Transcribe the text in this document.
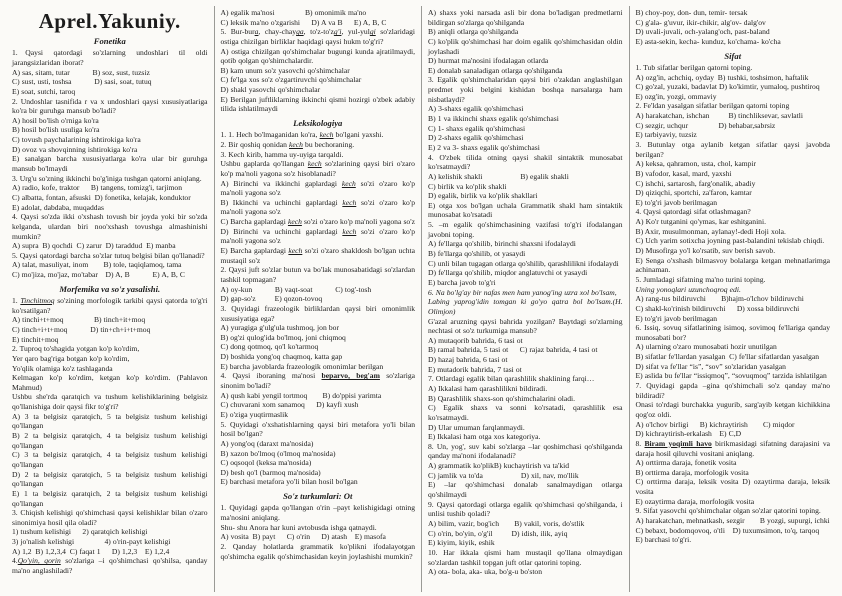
Aprel.Yakuniy.
Fonetika
1. Qaysi qatordagi so'zlarning undoshlari til oldi jarangsizlaridan iborat?
A) sas, sitam, tutar   B) soz, sust, tuzsiz
C) sust, usti, toshsa   D) sasi, soat, tutuq
E) soat, sutchi, taroq
2. Undoshlar tasnifida r va x undoshlari qaysi xususiyatlariga ko'ra bir guruhga mansub bo'ladi?
A) hosil bo'lish o'rniga ko'ra
B) hosil bo'lish usuliga ko'ra
C) tovush paychalarining ishtirokiga ko'ra
D) ovoz va shovqinning ishtirokiga ko'ra
E) sanalgan barcha xususiyatlarga ko'ra ular bir guruhga mansub bo'lmaydi
3. Urg'u so'zning ikkinchi bo'g'iniga tushgan qatorni aniqlang.
A) radio, kofe, traktor  B) tangens, tomizg'i, tarjimon
C) albatta, fontan, afsuski D) fonetika, kelajak, konduktor
E) adolat, dabdaba, muqaddas
4. Qaysi so'zda ikki o'xshash tovush bir joyda yoki bir so'zda kelganda, ulardan biri noo'xshash tovushga almashinishi mumkin?
A) supra B) qochdi C) zarur D) taraddud E) manba
5. Qaysi qatordagi barcha so'zlar tutuq belgisi bilan qo'llanadi?
A) talat, masuliyat, inom  B) tole, taqiqlamoq, tama
C) mo'jiza, mo'jaz, mo'tabar D) A, B   E) A, B, C
Morfemika va so'z yasalishi.
1. Tinchitmoq so'zining morfologik tarkibi qaysi qatorda to'g'ri ko'rsatilgan?
A) tinchi+t+moq    B) tinch+it+moq
C) tinch+i+t+moq   D) tin+ch+i+t+moq
E) tinchit+moq
2. Tuproq to'shagida yotgan ko'p ko'rdim,
Yer qaro bag'riga botgan ko'p ko'rdim,
Yo'qlik olamiga ko'z tashlaganda
Kelmagan ko'p ko'rdim, ketgan ko'p ko'rdim. (Pahlavon Mahmud)
Ushbu she'rda qaratqich va tushum kelishiklarining belgisiz qo'llanishiga doir qaysi fikr to'g'ri?
A) 3 ta belgisiz qaratqich, 5 ta belgisiz tushum kelishigi qo'llangan
B) 2 ta belgisiz qaratqich, 4 ta belgisiz tushum kelishigi qo'llangan
C) 3 ta belgisiz qaratqich, 4 ta belgisiz tushum kelishigi qo'llangan
D) 2 ta belgisiz qaratqich, 5 ta belgisiz tushum kelishigi qo'llangan
E) 1 ta belgisiz qaratqich, 2 ta belgisiz tushum kelishigi qo'llangan
3. Chiqish kelishigi qo'shimchasi qaysi kelishiklar bilan o'zaro sinonimiya hosil qila oladi?
1) tushum kelishigi  2) qaratqich kelishigi
3) jo'nalish kelishigi    4) o'rin-payt kelishigi
A) 1,2 B) 1,2,3,4 C) faqat 1  D) 1,2,3 E) 1,2,4
4.Qo'yin, qorin so'zlariga –i qo'shimchasi qo'shilsa, qanday ma'no anglashiladi?
A) egalik ma'nosi    B) omonimik ma'no
C) leksik ma'no o'zgarishi  D) A va B  E) A, B, C
5. Bur-bura, chay-chayga, to'z-to'zg'i, yul-yulgi so'zlaridagi ostiga chizilgan birliklar haqidagi qaysi hukm to'g'ri?
A) ostiga chizilgan qo'shimchalar bugungi kunda ajratilmaydi, qotib qolgan qo'shimchalardir.
B) kam unum so'z yasovchi qo'shimchalar
C) fe'lga xos so'z o'zgartiruvchi qo'shimchalar
D) shakl yasovchi qo'shimchalar
E) Berilgan juftliklarning ikkinchi qismi hozirgi o'zbek adabiy tilida ishlatilmaydi
Leksikologiya
1. 1. Hech bo'lmaganidan ko'ra, kech bo'lgani yaxshi.
2. Bir qoshiq qonidan kech bu bechoraning.
3. Kech kirib, hamma uy-uyiga tarqaldi.
Ushbu gaplarda qo'llangan kech so'zlarining qaysi biri o'zaro ko'p ma'noli yagona so'z hisoblanadi?
A) Birinchi va ikkinchi gaplardagi kech so'zi o'zaro ko'p ma'noli yagona so'z
B) Ikkinchi va uchinchi gaplardagi kech so'zi o'zaro ko'p ma'noli yagona so'z
C) Barcha gaplardagi kech so'zi o'zaro ko'p ma'noli yagona so'z
D) Birinchi va uchinchi gaplardagi kech so'zi o'zaro ko'p ma'noli yagona so'z
E) Barcha gaplardagi kech so'zi o'zaro shakldosh bo'lgan uchta mustaqil so'z
2. Qaysi juft so'zlar butun va bo'lak munosabatidagi so'zlardan tashkil topmagan?
A) oy-kun   B) vaqt-soat   C) tog'-tosh
D) gap-so'z   E) qozon-tovoq
3. Quyidagi frazeologik birliklardan qaysi biri omonimlik xususiyatiga ega?
A) yuragiga g'ulg'ula tushmoq, jon bor
B) og'zi qulog'ida bo'lmoq, joni chiqmoq
C) dong qotmoq, qo'l ko'tarmoq
D) boshida yong'oq chaqmoq, katta gap
E) barcha javoblarda frazeologik omonimlar berilgan
4. Qaysi iboraning ma'nosi beparvo, beg'am so'zlariga sinonim bo'ladi?
A) qush kabi yengil tortmoq  B) do'ppisi yarimta
C) chuvarani xom sanamoq  D) kayfi xush
E) o'ziga yuqtirmaslik
5. Quyidagi o'xshatishlarning qaysi biri metafora yo'li bilan hosil bo'lgan?
A) yong'oq (daraxt ma'nosida)
B) xazon bo'lmoq (o'lmoq ma'nosida)
C) oqsoqol (keksa ma'nosida)
D) besh qo'l (barmoq ma'nosida)
E) barchasi metafora yo'li bilan hosil bo'lgan
So'z turkumlari: Ot
1. Quyidagi gapda qo'llangan o'rin –payt kelishigidagi otning ma'nosini aniqlang.
Shu- shu Anora har kuni avtobusda ishga qatnaydi.
A) vosita B) payt  C) o'rin  D) atash E) masofa
2. Qanday holatlarda grammatik ko'plikni ifodalayotgan qo'shimcha egalik qo'shimchasidan keyin joylashishi mumkin?
A) shaxs yoki narsada asli bir dona bo'ladigan predmetlarni bildirgan so'zlarga qo'shilganda
B) aniqli otlarga qo'shilganda
C) ko'plik qo'shimchasi har doim egalik qo'shimchasidan oldin joylashadi
D) hurmat ma'nosini ifodalagan otlarda
E) donalab sanaladigan otlarga qo'shilganda
3. Egalik qo'shimchalaridan qaysi biri o'zakdan anglashilgan predmet yoki belgini kishidan boshqa narsalarga ham nisbatlaydi?
A) 3-shaxs egalik qo'shimchasi
B) 1 va ikkinchi shaxs egalik qo'shimchasi
C) 1- shaxs egalik qo'shimchasi
D) 2-shaxs egalik qo'shimchasi
E) 2 va 3- shaxs egalik qo'shimchasi
4. O'zbek tilida otning qaysi shakil sintaktik munosabat ko'rsatmaydi?
A) kelishik shakli     B) egalik shakli
C) birlik va ko'plik shakli
D) egalik, birlik va ko'plik shakllari
E) otga xos bo'lgan uchala Grammatik shakl ham sintaktik munosabat ko'rsatadi
5. –m egalik qo'shimchasining vazifasi to'g'ri ifodalangan javobni toping.
A) fe'llarga qo'shilib, birinchi shaxsni ifodalaydi
B) fe'llarga qo'shilib, ot yasaydi
C) unli bilan tugagan otlarga qo'shilib, qarashlilikni ifodalaydi
D) fe'llarga qo'shilib, miqdor anglatuvchi ot yasaydi
E) barcha javob to'g'ri
6. Na bo'lg'ay bir nafas men ham yanog'ing uzra xol bo'lsam,
Labing yaprog'idin tomgan ki go'yo qatra bol bo'lsam.(H. Olimjon)
G'azal aruzning qaysi bahrida yozilgan? Baytdagi so'zlarning nechtasi ot so'z turkumiga mansub?
A) mutaqorib bahrida, 6 tasi ot
B) ramal bahrida, 5 tasi ot  C) rajaz bahrida, 4 tasi ot
D) hazaj bahrida, 6 tasi ot
E) mutadorik bahrida, 7 tasi ot
7. Otlardagi egalik bilan qarashlilik shaklining farqi…
A) Ikkalasi ham qarashlilikni bildiradi.
B) Qarashlilik shaxs-son qo'shimchalarini oladi.
C) Egalik shaxs va sonni ko'rsatadi, qarashlilik esa ko'rsatmaydi.
D) Ular umuman farqlanmaydi.
E) Ikkalasi ham otga xos kategoriya.
8. Un, yog', suv kabi so'zlarga –lar qoshimchasi qo'shilganda qanday ma'noni ifodalanadi?
A) grammatik ko'plikB) kuchaytirish va ta'kid
C) jamlik va to'da     D) xil, nav, mo'llik
E) –lar qo'shimchasi donalab sanalmaydigan otlarga qo'shilmaydi
9. Qaysi qatordagi otlarga egalik qo'shimchasi qo'shilganda, i unlisi tushib qoladi?
A) bilim, vazir, bog'ich  B) vakil, voris, do'stlik
C) o'rin, bo'yin, o'g'il   D) idish, ilik, ayiq
E) kiyim, kiyik, eshik
10. Har ikkala qismi ham mustaqil qo'llana olmaydigan so'zlardan tashkil topgan juft otlar qatorini toping.
A) ota- bola, aka- uka, bo'g-u bo'ston
B) choy-poy, don- dun, temir- tersak
C) g'ala- g'uvur, ikir-chikir, alg'ov- dalg'ov
D) uvali-juvali, och-yalang'och, past-baland
E) asta-sekin, kecha- kunduz, ko'chama- ko'cha
Sifat
1. Tub sifatlar berilgan qatorni toping.
A) ozg'in, achchiq, oyday B) tushki, toshsimon, haftalik
C) go'zal, yuzaki, badavlat D) ko'kimtir, yumaloq, pushtiroq
E) ozg'in, yozgi, ommaviy
2. Fe'ldan yasalgan sifatlar berilgan qatorni toping
A) harakatchan, ishchan   B) tinchliksevar, savlatli
C) sezgir, uchqur    D) behabar,sabrsiz
E) tarbiyaviy, tuzsiz
3. Butunlay otga aylanib ketgan sifatlar qaysi javobda berilgan?
A) keksa, qahramon, usta, chol, kampir
B) vafodor, kasal, mard, yaxshi
C) ishchi, sartarosh, farg'onalik, abadiy
D) qiziqchi, sportchi, za'faron, kamtar
E) to'g'ri javob berilmagan
4. Qaysi qatordagi sifat otlashmagan?
A) Ko'r tutganini qo'ymas, kar eshitganini.
B) Axir, musulmonman, aylanay!-dedi Hoji xola.
C) Uch yarim sotixcha joyning past-balandini tekislab chiqdi.
D) Musofirga yo'l ko'rsatib, suv berish savob.
E) Senga o'xshash bilmasvoy bolalarga ketgan mehnatlarimga achinaman.
5. Jumladagi sifatning ma'no turini toping.
Uning yonoqlari uzunchoqroq edi.
A) rang-tus bildiruvchi  B)hajm-o'lchov bildiruvchi
C) shakl-ko'rinish bildiruvchi  D) xossa bildiruvchi
E) to'g'ri javob berilmagan
6. Issiq, sovuq sifatlarining isimoq, sovimoq fe'llariga qanday munosabati bor?
A) ularning o'zaro munosabati hozir unutilgan
B) sifatlar fe'llardan yasalgan C) fe'llar sifatlardan yasalgan
D) sifat va fe'llar “is”, “sov” so'zlaridan yasalgan
E) aslida bu fe'llar “issiqmoq”, “sovuqmoq” tarzida ishlatilgan
7. Quyidagi gapda –gina qo'shimchali so'z qanday ma'no bildiradi?
Onasi to'rdagi burchakka yugurib, sarg'ayib ketgan kichikkina qog'oz oldi.
A) o'lchov birligi  B) kichraytirish  C) miqdor
D) kichraytirish-erkalash E) C,D
8. Biram yoqimli havo birikmasidagi sifatning darajasini va daraja hosil qiluvchi vositani aniqlang.
A) orttirma daraja, fonetik vosita
B) orttirma daraja, morfologik vosita
C) orttirma daraja, leksik vosita D) ozaytirma daraja, leksik vosita
E) ozaytirma daraja, morfologik vosita
9. Sifat yasovchi qo'shimchalar olgan so'zlar qatorini toping.
A) harakatchan, mehnatkash, sezgir  B yozgi, supurgi, ichki
C) bebaxt, bodomqovoq, o'tli D) tuxumsimon, to'q, tarqoq
E) barchasi to'g'ri.
